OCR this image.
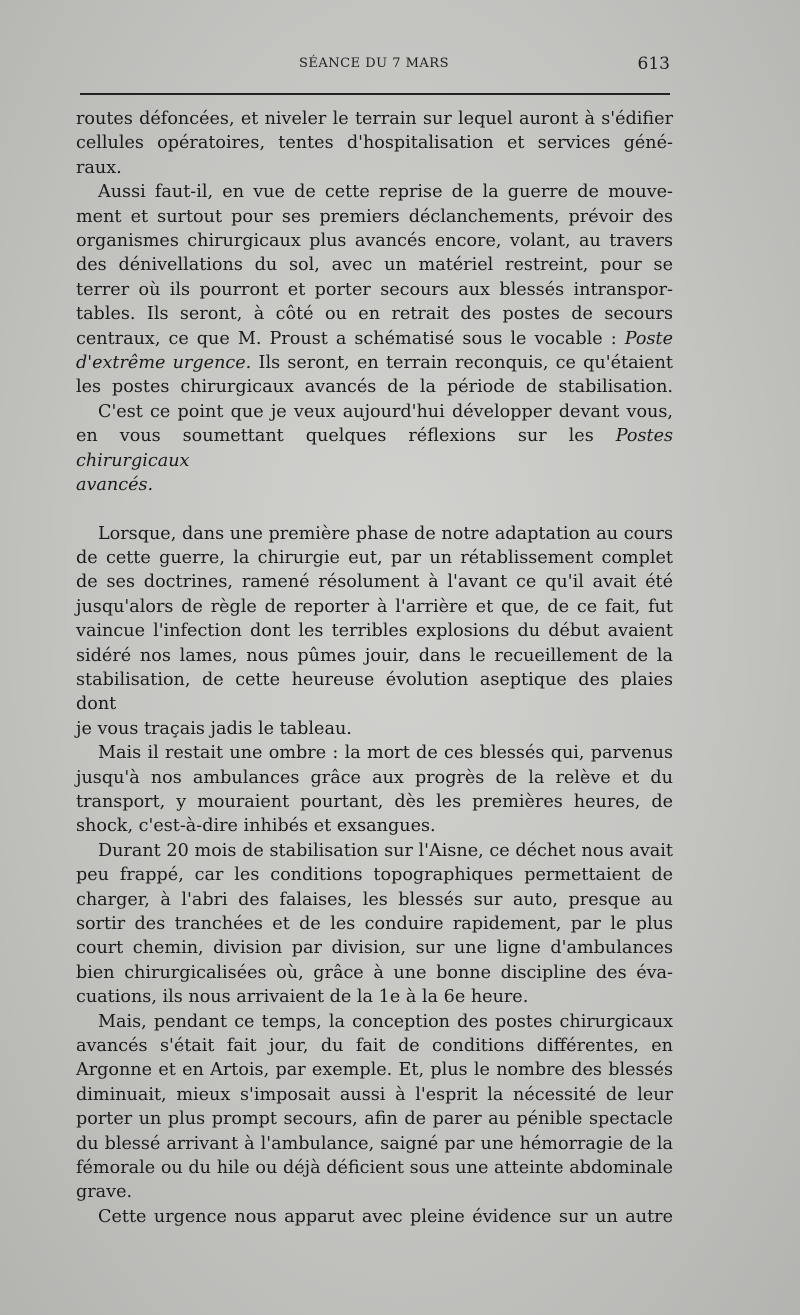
SÉANCE DU 7 MARS	613
routes défoncées, et niveler le terrain sur lequel auront à s'édifier
cellules opératoires, tentes d'hospitalisation et services géné-
raux.
Aussi faut-il, en vue de cette reprise de la guerre de mouve-
ment et surtout pour ses premiers déclanchements, prévoir des
organismes chirurgicaux plus avancés encore, volant, au travers
des dénivellations du sol, avec un matériel restreint, pour se
terrer où ils pourront et porter secours aux blessés intranspor-
tables. Ils seront, à côté ou en retrait des postes de secours
centraux, ce que M. Proust a schématisé sous le vocable : Poste
d'extrême urgence. Ils seront, en terrain reconquis, ce qu'étaient
les postes chirurgicaux avancés de la période de stabilisation.
C'est ce point que je veux aujourd'hui développer devant vous,
en vous soumettant quelques réflexions sur les Postes chirurgicaux
avancés.
Lorsque, dans une première phase de notre adaptation au cours
de cette guerre, la chirurgie eut, par un rétablissement complet
de ses doctrines, ramené résolument à l'avant ce qu'il avait été
jusqu'alors de règle de reporter à l'arrière et que, de ce fait, fut
vaincue l'infection dont les terribles explosions du début avaient
sidéré nos lames, nous pûmes jouir, dans le recueillement de la
stabilisation, de cette heureuse évolution aseptique des plaies dont
je vous traçais jadis le tableau.
Mais il restait une ombre : la mort de ces blessés qui, parvenus
jusqu'à nos ambulances grâce aux progrès de la relève et du
transport, y mouraient pourtant, dès les premières heures, de
shock, c'est-à-dire inhibés et exsangues.
Durant 20 mois de stabilisation sur l'Aisne, ce déchet nous avait
peu frappé, car les conditions topographiques permettaient de
charger, à l'abri des falaises, les blessés sur auto, presque au
sortir des tranchées et de les conduire rapidement, par le plus
court chemin, division par division, sur une ligne d'ambulances
bien chirurgicalisées où, grâce à une bonne discipline des éva-
cuations, ils nous arrivaient de la 1e à la 6e heure.
Mais, pendant ce temps, la conception des postes chirurgicaux
avancés s'était fait jour, du fait de conditions différentes, en
Argonne et en Artois, par exemple. Et, plus le nombre des blessés
diminuait, mieux s'imposait aussi à l'esprit la nécessité de leur
porter un plus prompt secours, afin de parer au pénible spectacle
du blessé arrivant à l'ambulance, saigné par une hémorragie de la
fémorale ou du hile ou déjà déficient sous une atteinte abdominale
grave.
Cette urgence nous apparut avec pleine évidence sur un autre
